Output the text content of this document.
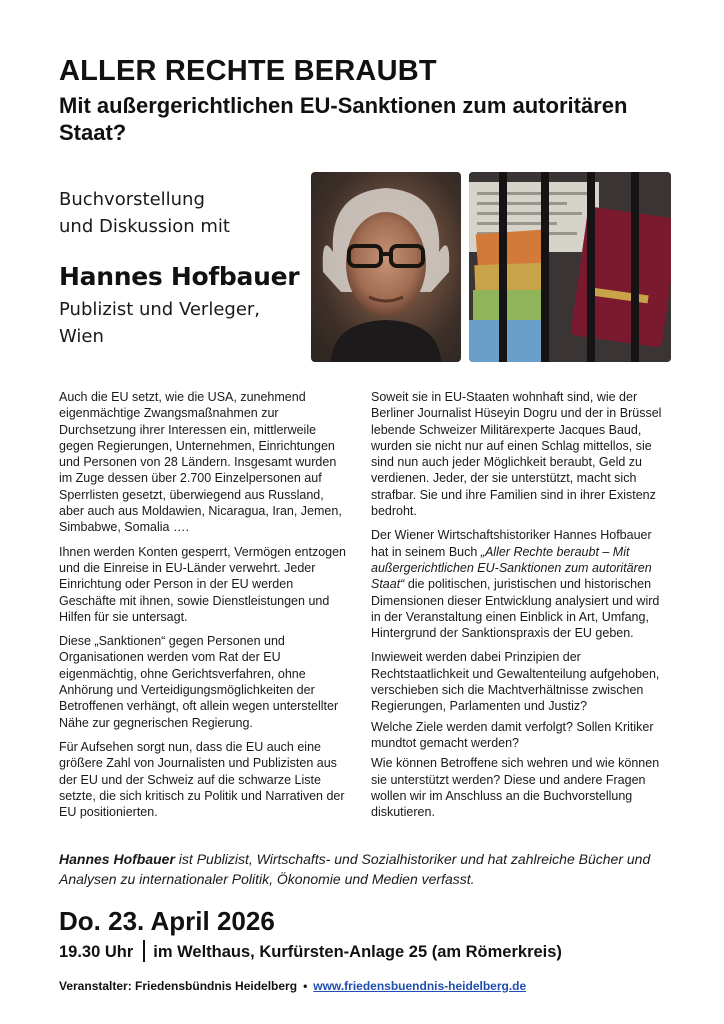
ALLER RECHTE BERAUBT
Mit außergerichtlichen EU-Sanktionen zum autoritären Staat?
Buchvorstellung
und Diskussion mit
Hannes Hofbauer
Publizist und Verleger,
Wien

Auch die EU setzt, wie die USA, zunehmend eigenmächtige Zwangsmaßnahmen zur Durchsetzung ihrer Interessen ein, mittlerweile gegen Regierungen, Unternehmen, Einrichtungen und Personen von 28 Ländern. Insgesamt wurden im Zuge dessen über 2.700 Einzelpersonen auf Sperrlisten gesetzt, überwiegend aus Russland, aber auch aus Moldawien, Nicaragua, Iran, Jemen, Simbabwe, Somalia ….

Ihnen werden Konten gesperrt, Vermögen entzogen und die Einreise in EU-Länder verwehrt. Jeder Einrichtung oder Person in der EU werden Geschäfte mit ihnen, sowie Dienstleistungen und Hilfen für sie untersagt.

Diese „Sanktionen“ gegen Personen und Organisationen werden vom Rat der EU eigenmächtig, ohne Gerichtsverfahren, ohne Anhörung und Verteidigungsmöglichkeiten der Betroffenen verhängt, oft allein wegen unterstellter Nähe zur gegnerischen Regierung.

Für Aufsehen sorgt nun, dass die EU auch eine größere Zahl von Journalisten und Publizisten aus der EU und der Schweiz auf die schwarze Liste setzte, die sich kritisch zu Politik und Narrativen der EU positionierten.

Soweit sie in EU-Staaten wohnhaft sind, wie der Berliner Journalist Hüseyin Dogru und der in Brüssel lebende Schweizer Militärexperte Jacques Baud, wurden sie nicht nur auf einen Schlag mittellos, sie sind nun auch jeder Möglichkeit beraubt, Geld zu verdienen. Jeder, der sie unterstützt, macht sich strafbar. Sie und ihre Familien sind in ihrer Existenz bedroht.

Der Wiener Wirtschaftshistoriker Hannes Hofbauer hat in seinem Buch „Aller Rechte beraubt – Mit außergerichtlichen EU-Sanktionen zum autoritären Staat“ die politischen, juristischen und historischen Dimensionen dieser Entwicklung analysiert und wird in der Veranstaltung einen Einblick in Art, Umfang, Hintergrund der Sanktionspraxis der EU geben.

Inwieweit werden dabei Prinzipien der Rechtstaatlichkeit und Gewaltenteilung aufgehoben, verschieben sich die Machtverhältnisse zwischen Regierungen, Parlamenten und Justiz?

Welche Ziele werden damit verfolgt? Sollen Kritiker mundtot gemacht werden?

Wie können Betroffene sich wehren und wie können sie unterstützt werden? Diese und andere Fragen wollen wir im Anschluss an die Buchvorstellung diskutieren.

Hannes Hofbauer ist Publizist, Wirtschafts- und Sozialhistoriker und hat zahlreiche Bücher und Analysen zu internationaler Politik, Ökonomie und Medien verfasst.
Do. 23. April 2026
19.30 Uhr im Welthaus, Kurfürsten-Anlage 25 (am Römerkreis)
Veranstalter: Friedensbündnis Heidelberg • www.friedensbuendnis-heidelberg.de
